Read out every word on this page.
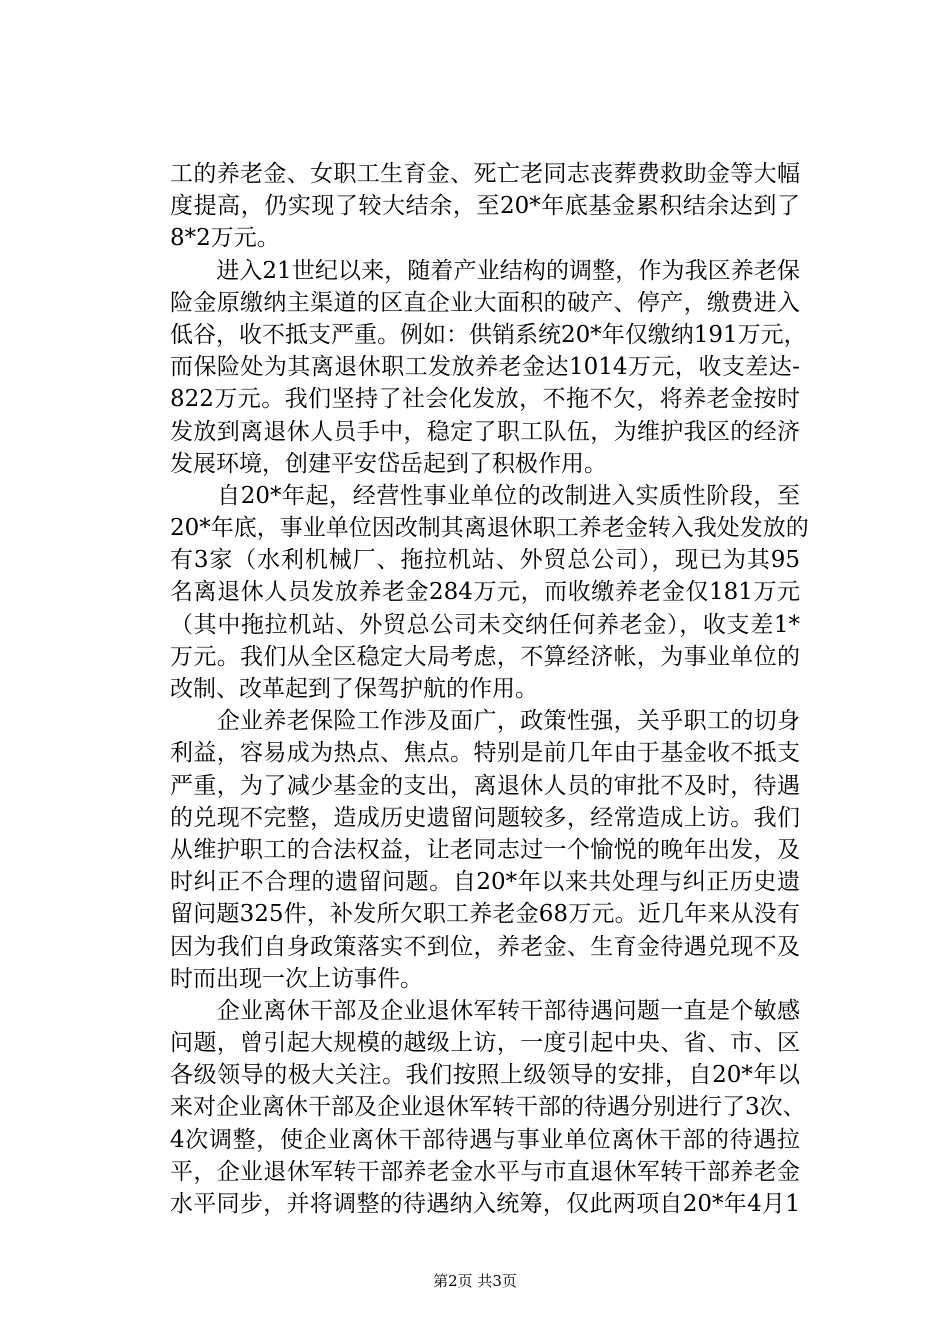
工的养老金、女职工生育金、死亡老同志丧葬费救助金等大幅
度提高，仍实现了较大结余，至20*年底基金累积结余达到了
8*2万元。
　　进入21世纪以来，随着产业结构的调整，作为我区养老保
险金原缴纳主渠道的区直企业大面积的破产、停产，缴费进入
低谷，收不抵支严重。例如：供销系统20*年仅缴纳191万元，
而保险处为其离退休职工发放养老金达1014万元，收支差达-
822万元。我们坚持了社会化发放，不拖不欠，将养老金按时
发放到离退休人员手中，稳定了职工队伍，为维护我区的经济
发展环境，创建平安岱岳起到了积极作用。
　　自20*年起，经营性事业单位的改制进入实质性阶段，至
20*年底，事业单位因改制其离退休职工养老金转入我处发放的
有3家（水利机械厂、拖拉机站、外贸总公司），现已为其95
名离退休人员发放养老金284万元，而收缴养老金仅181万元
（其中拖拉机站、外贸总公司未交纳任何养老金），收支差1*
万元。我们从全区稳定大局考虑，不算经济帐，为事业单位的
改制、改革起到了保驾护航的作用。
　　企业养老保险工作涉及面广，政策性强，关乎职工的切身
利益，容易成为热点、焦点。特别是前几年由于基金收不抵支
严重，为了减少基金的支出，离退休人员的审批不及时，待遇
的兑现不完整，造成历史遗留问题较多，经常造成上访。我们
从维护职工的合法权益，让老同志过一个愉悦的晚年出发，及
时纠正不合理的遗留问题。自20*年以来共处理与纠正历史遗
留问题325件，补发所欠职工养老金68万元。近几年来从没有
因为我们自身政策落实不到位，养老金、生育金待遇兑现不及
时而出现一次上访事件。
　　企业离休干部及企业退休军转干部待遇问题一直是个敏感
问题，曾引起大规模的越级上访，一度引起中央、省、市、区
各级领导的极大关注。我们按照上级领导的安排，自20*年以
来对企业离休干部及企业退休军转干部的待遇分别进行了3次、
4次调整，使企业离休干部待遇与事业单位离休干部的待遇拉
平，企业退休军转干部养老金水平与市直退休军转干部养老金
水平同步，并将调整的待遇纳入统筹，仅此两项自20*年4月1
第2页 共3页
